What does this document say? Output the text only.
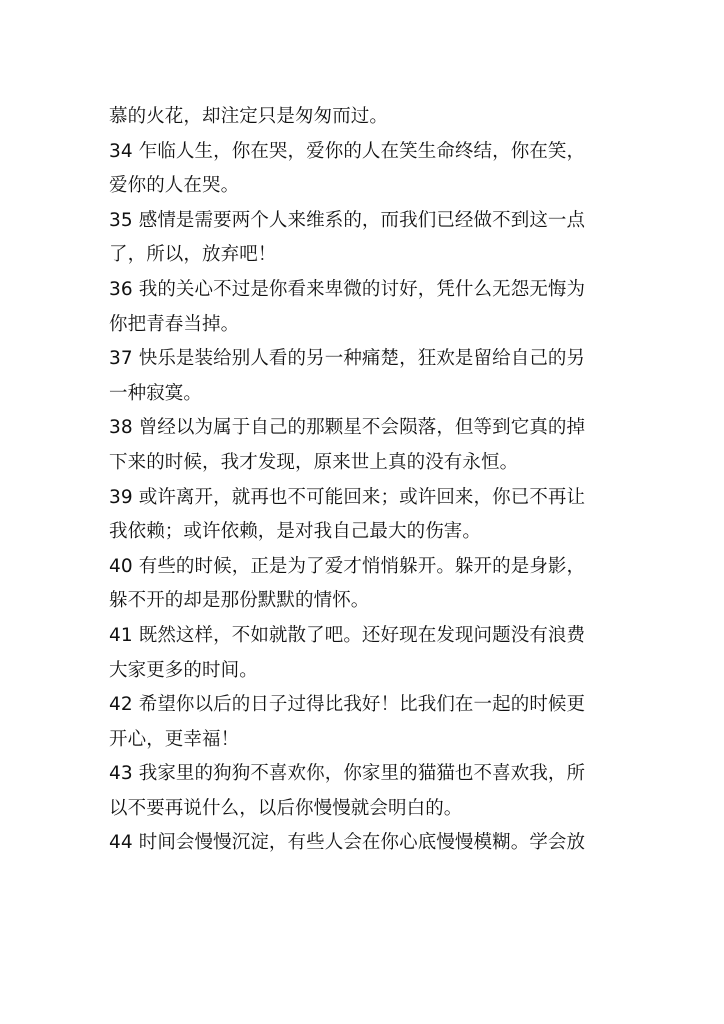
慕的火花，却注定只是匆匆而过。
34 乍临人生，你在哭，爱你的人在笑生命终结，你在笑，
爱你的人在哭。
35 感情是需要两个人来维系的，而我们已经做不到这一点
了，所以，放弃吧！
36 我的关心不过是你看来卑微的讨好，凭什么无怨无悔为
你把青春当掉。
37 快乐是装给别人看的另一种痛楚，狂欢是留给自己的另
一种寂寞。
38 曾经以为属于自己的那颗星不会陨落，但等到它真的掉
下来的时候，我才发现，原来世上真的没有永恒。
39 或许离开，就再也不可能回来；或许回来，你已不再让
我依赖；或许依赖，是对我自己最大的伤害。
40 有些的时候，正是为了爱才悄悄躲开。躲开的是身影，
躲不开的却是那份默默的情怀。
41 既然这样，不如就散了吧。还好现在发现问题没有浪费
大家更多的时间。
42 希望你以后的日子过得比我好！比我们在一起的时候更
开心，更幸福！
43 我家里的狗狗不喜欢你，你家里的猫猫也不喜欢我，所
以不要再说什么，以后你慢慢就会明白的。
44 时间会慢慢沉淀，有些人会在你心底慢慢模糊。学会放
